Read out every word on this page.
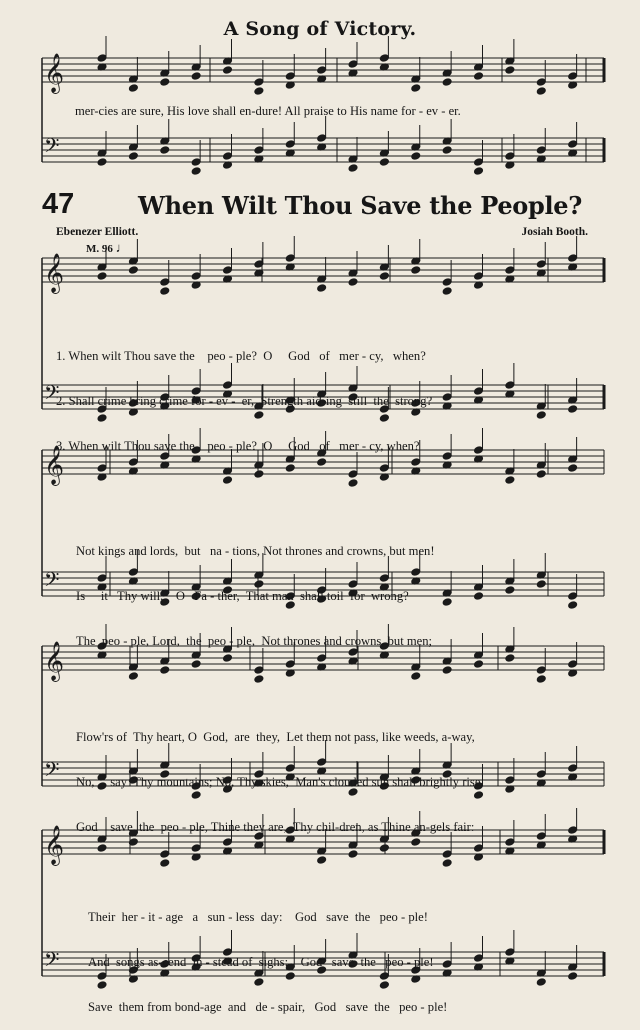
A Song of Victory.
𝄞
𝄢
𝄞
𝄢
𝄞
𝄢
𝄞
𝄢
𝄞
𝄢
mer-cies are sure, His love shall en-dure! All praise to His name for - ev - er.
47	When Wilt Thou Save the People?
Ebenezer Elliott.	Josiah Booth.
M. 96 ♩

1. When wilt Thou save the    peo - ple?  O     God   of   mer - cy,   when?

2. Shall crime bring crime for - ev -  er,  Strength aid-ing  still  the  strong?

3. When wilt Thou save the    peo - ple?  O     God   of   mer - cy, when?

Not kings and lords,  but   na - tions, Not thrones and crowns, but men!

Is     it   Thy will,    O   Fa - ther,  That man  shall toil  for  wrong?

The  peo - ple, Lord,  the  peo - ple,  Not thrones and crowns, but men;

Flow'rs of  Thy heart, O  God,  are  they,  Let them not pass, like weeds, a-way,

No,     say  Thy mountains; No, Thy skies,  Man's clouded sun shall brightly rise,

God    save  the  peo - ple, Thine they are,  Thy chil-dren, as Thine an-gels fair:

Their  her - it - age   a   sun - less  day:    God   save  the   peo - ple!

And  songs as-cend  in - stead of  sighs:    God   save  the   peo - ple!

Save  them from bond-age  and   de - spair,   God   save  the   peo - ple!
